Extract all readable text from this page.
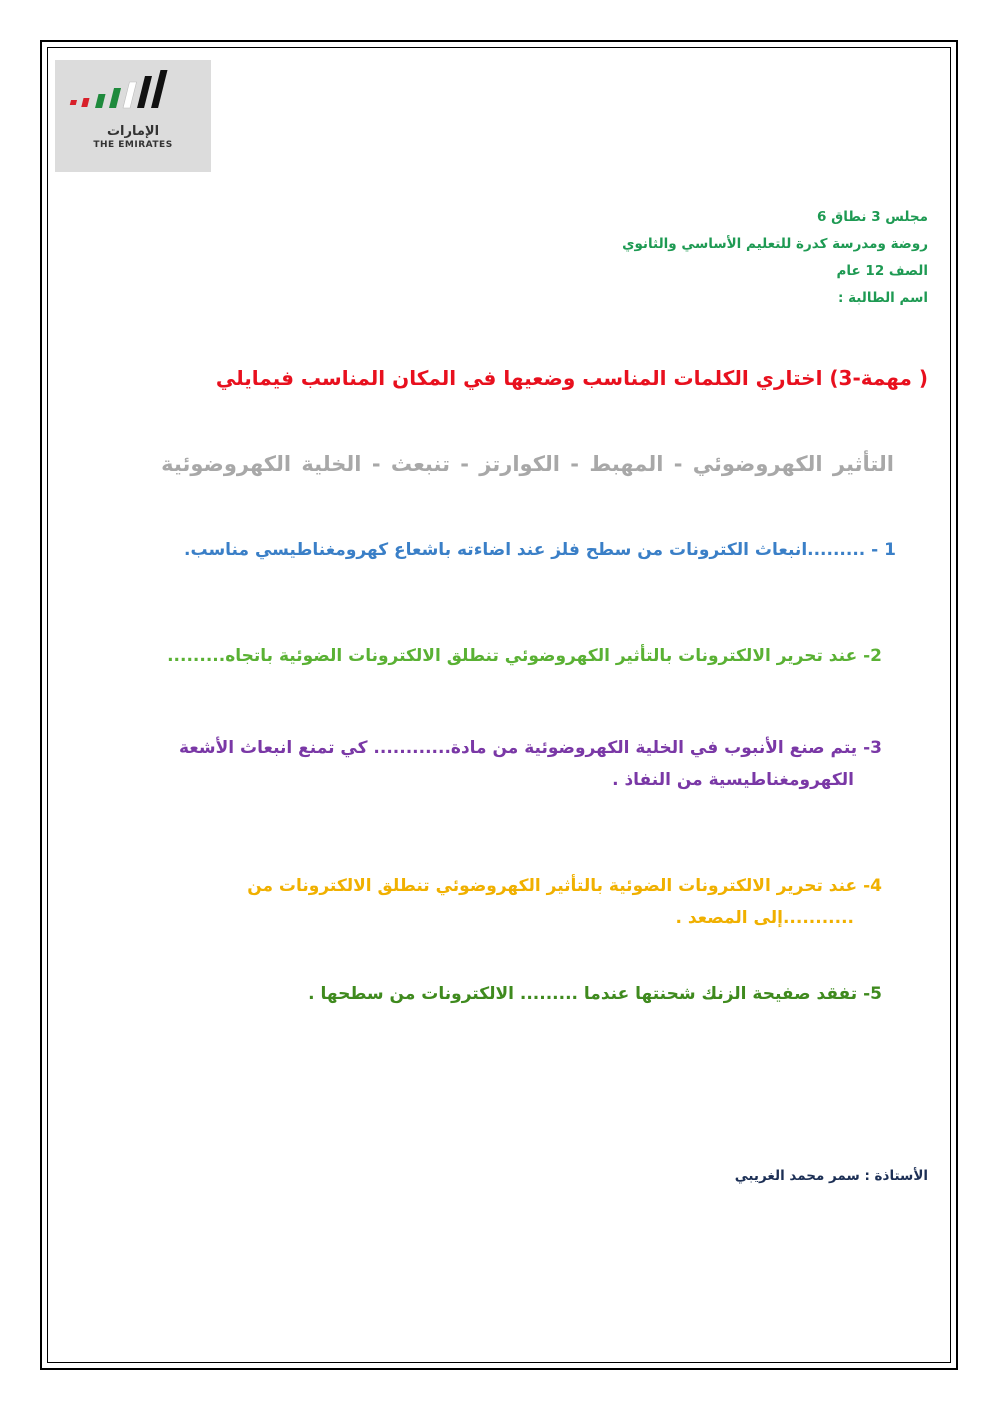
الإمارات
THE EMIRATES
مجلس 3 نطاق 6
روضة ومدرسة كدرة للتعليم الأساسي والثانوي
الصف 12 عام
اسم الطالبة :
( مهمة-3) اختاري الكلمات المناسب وضعيها في المكان المناسب فيمايلي
التأثير الكهروضوئي - المهبط - الكوارتز - تنبعث - الخلية الكهروضوئية
1 - .........انبعاث الكترونات من سطح فلز عند اضاءته باشعاع كهرومغناطيسي مناسب.
2- عند تحرير الالكترونات بالتأثير الكهروضوئي تنطلق الالكترونات الضوئية باتجاه.........
3- يتم صنع الأنبوب في الخلية الكهروضوئية من مادة............ كي تمنع انبعاث الأشعة
الكهرومغناطيسية من النفاذ .
4- عند تحرير الالكترونات الضوئية بالتأثير الكهروضوئي تنطلق الالكترونات من
...........إلى المصعد .
5- تفقد صفيحة الزنك شحنتها عندما ......... الالكترونات من سطحها .
الأستاذة : سمر محمد الغريبي
